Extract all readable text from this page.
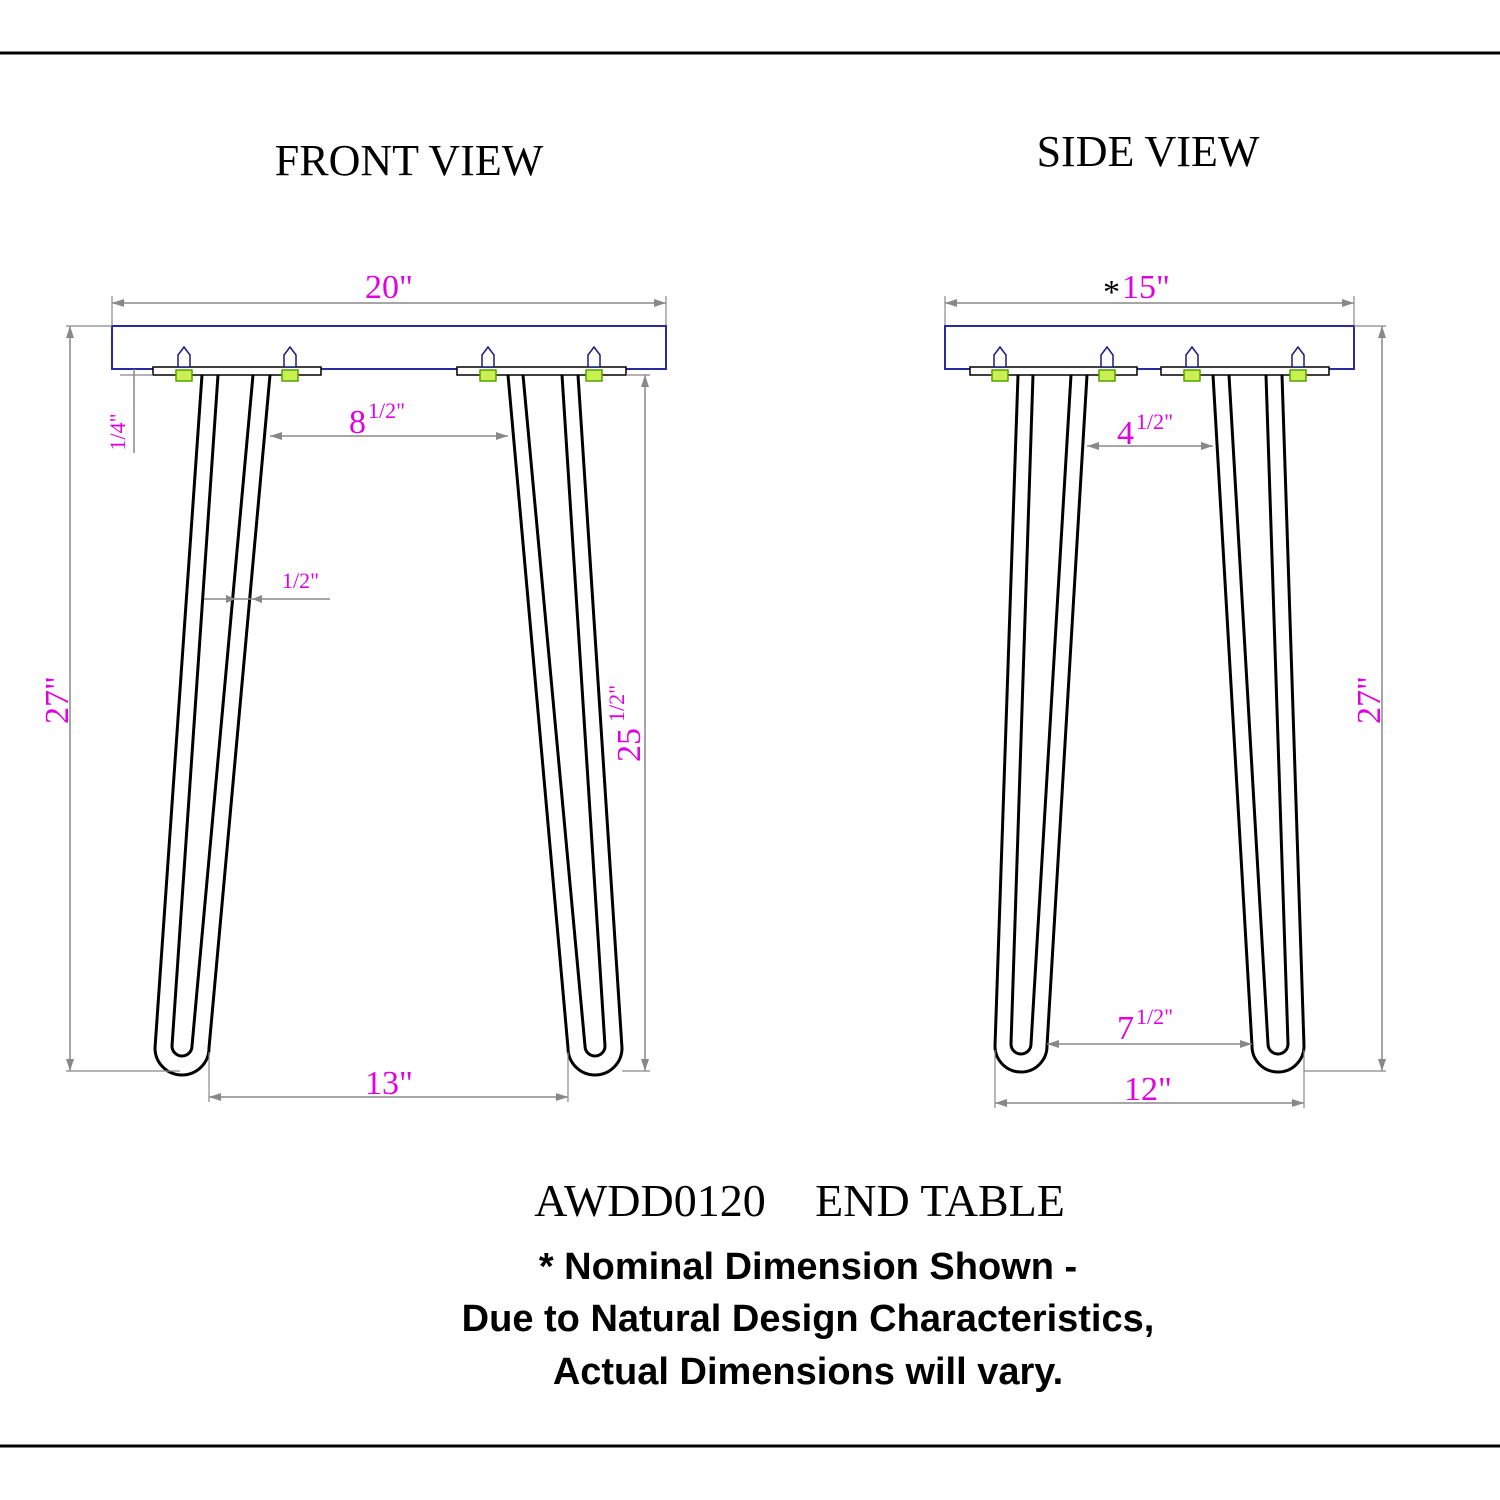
FRONT VIEW
20"
27"
1/4"	8 1/2"
1/2"
25
1/2"
13"
SIDE VIEW
* 15"
4 1/2"
27"
7 1/2"
12"
AWDD0120 END TABLE
* Nominal Dimension Shown -
Due to Natural Design Characteristics,
Actual Dimensions will vary.
